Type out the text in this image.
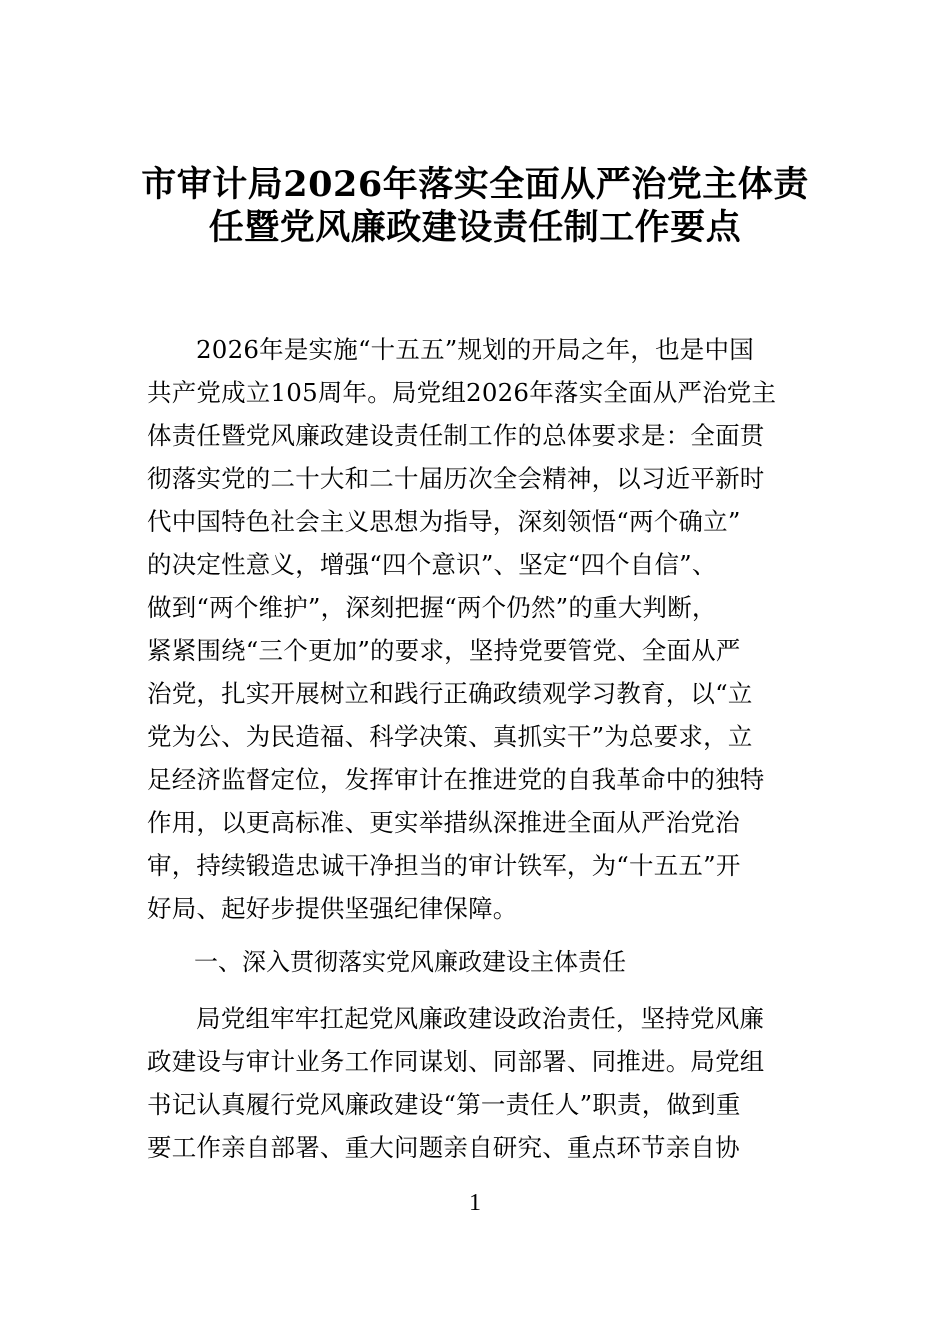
市审计局2026年落实全面从严治党主体责
任暨党风廉政建设责任制工作要点
2026年是实施“十五五”规划的开局之年，也是中国
共产党成立105周年。局党组2026年落实全面从严治党主
体责任暨党风廉政建设责任制工作的总体要求是：全面贯
彻落实党的二十大和二十届历次全会精神，以习近平新时
代中国特色社会主义思想为指导，深刻领悟“两个确立”
的决定性意义，增强“四个意识”、坚定“四个自信”、
做到“两个维护”，深刻把握“两个仍然”的重大判断，
紧紧围绕“三个更加”的要求，坚持党要管党、全面从严
治党，扎实开展树立和践行正确政绩观学习教育，以“立
党为公、为民造福、科学决策、真抓实干”为总要求，立
足经济监督定位，发挥审计在推进党的自我革命中的独特
作用，以更高标准、更实举措纵深推进全面从严治党治
审，持续锻造忠诚干净担当的审计铁军，为“十五五”开
好局、起好步提供坚强纪律保障。
一、深入贯彻落实党风廉政建设主体责任
局党组牢牢扛起党风廉政建设政治责任，坚持党风廉
政建设与审计业务工作同谋划、同部署、同推进。局党组
书记认真履行党风廉政建设“第一责任人”职责，做到重
要工作亲自部署、重大问题亲自研究、重点环节亲自协
1
